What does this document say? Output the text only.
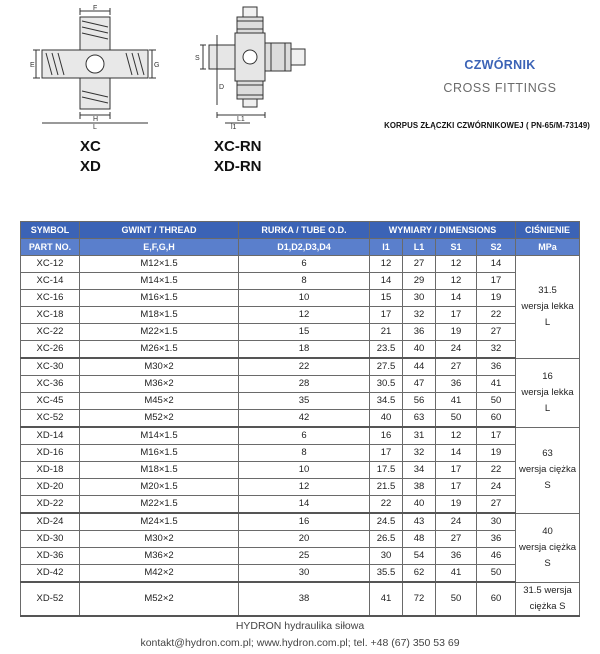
F
E	G
H
L
S
D
L1
l1
XC
XD
XC-RN
XD-RN
CZWÓRNIK
CROSS FITTINGS
KORPUS ZŁĄCZKI CZWÓRNIKOWEJ ( PN-65/M-73149)
SYMBOL	GWINT / THREAD	RURKA / TUBE O.D.	WYMIARY / DIMENSIONS				CIŚNIENIE
PART NO.	E,F,G,H	D1,D2,D3,D4	l1	L1	S1	S2	MPa
XC-12	M12×1.5	6	12	27	12	14	31.5
wersja lekka
L

XC-14	M14×1.5	8	14	29	12	17	
XC-16	M16×1.5	10	15	30	14	19	
XC-18	M18×1.5	12	17	32	17	22	
XC-22	M22×1.5	15	21	36	19	27	
XC-26	M26×1.5	18	23.5	40	24	32	
XC-30	M30×2	22	27.5	44	27	36	16
wersja lekka
L

XC-36	M36×2	28	30.5	47	36	41	
XC-45	M45×2	35	34.5	56	41	50	
XC-52	M52×2	42	40	63	50	60	
XD-14	M14×1.5	6	16	31	12	17	63
wersja ciężka
S

XD-16	M16×1.5	8	17	32	14	19	
XD-18	M18×1.5	10	17.5	34	17	22	
XD-20	M20×1.5	12	21.5	38	17	24	
XD-22	M22×1.5	14	22	40	19	27	
XD-24	M24×1.5	16	24.5	43	24	30	40
wersja ciężka
S

XD-30	M30×2	20	26.5	48	27	36	
XD-36	M36×2	25	30	54	36	46	
XD-42	M42×2	30	35.5	62	41	50	
XD-52	M52×2	38	41	72	50	60	31.5 wersja
ciężka S
HYDRON hydraulika siłowa
kontakt@hydron.com.pl; www.hydron.com.pl; tel. +48 (67) 350 53 69
